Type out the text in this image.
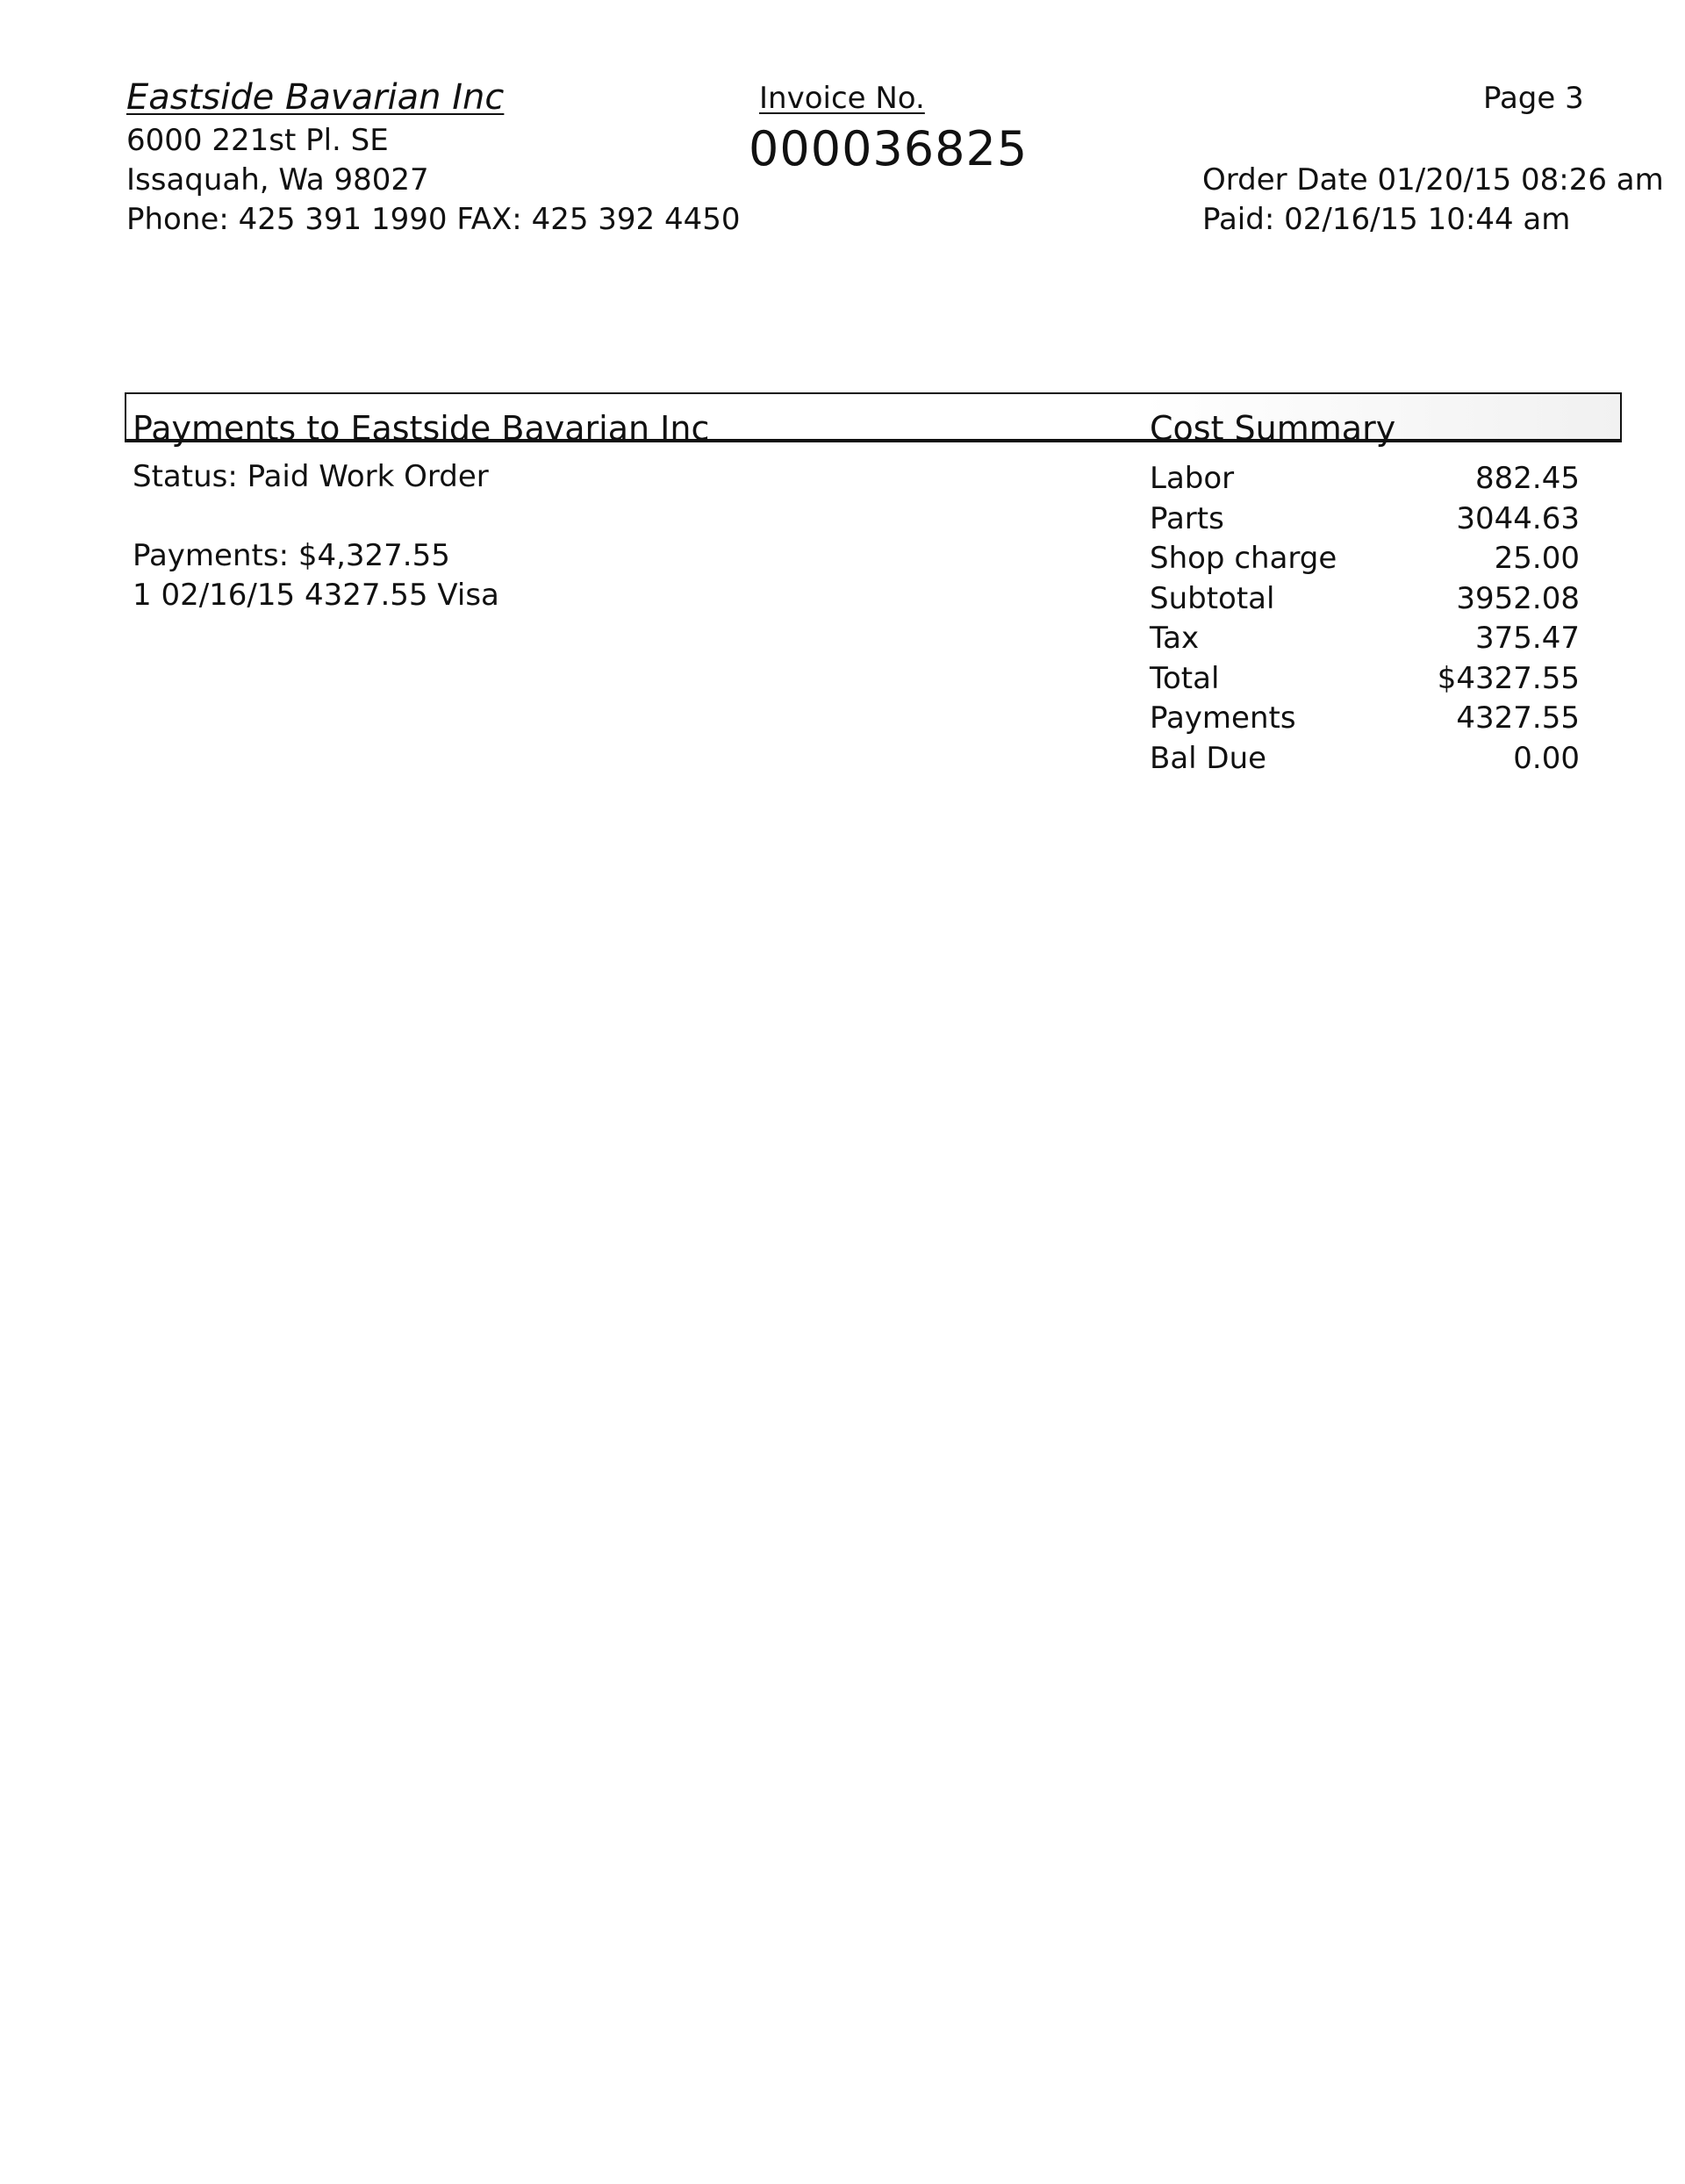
Eastside Bavarian Inc
6000 221st Pl. SE
Issaquah, Wa 98027
Phone: 425 391 1990 FAX: 425 392 4450
Invoice No.
000036825
Page 3
Order Date 01/20/15 08:26 am
Paid: 02/16/15 10:44 am
Payments to Eastside Bavarian Inc	Cost Summary
Status: Paid Work Order
Payments: $4,327.55
1 02/16/15 4327.55 Visa
Labor	882.45
Parts	3044.63
Shop charge	25.00
Subtotal	3952.08
Tax	375.47
Total	$4327.55
Payments	4327.55
Bal Due	0.00
